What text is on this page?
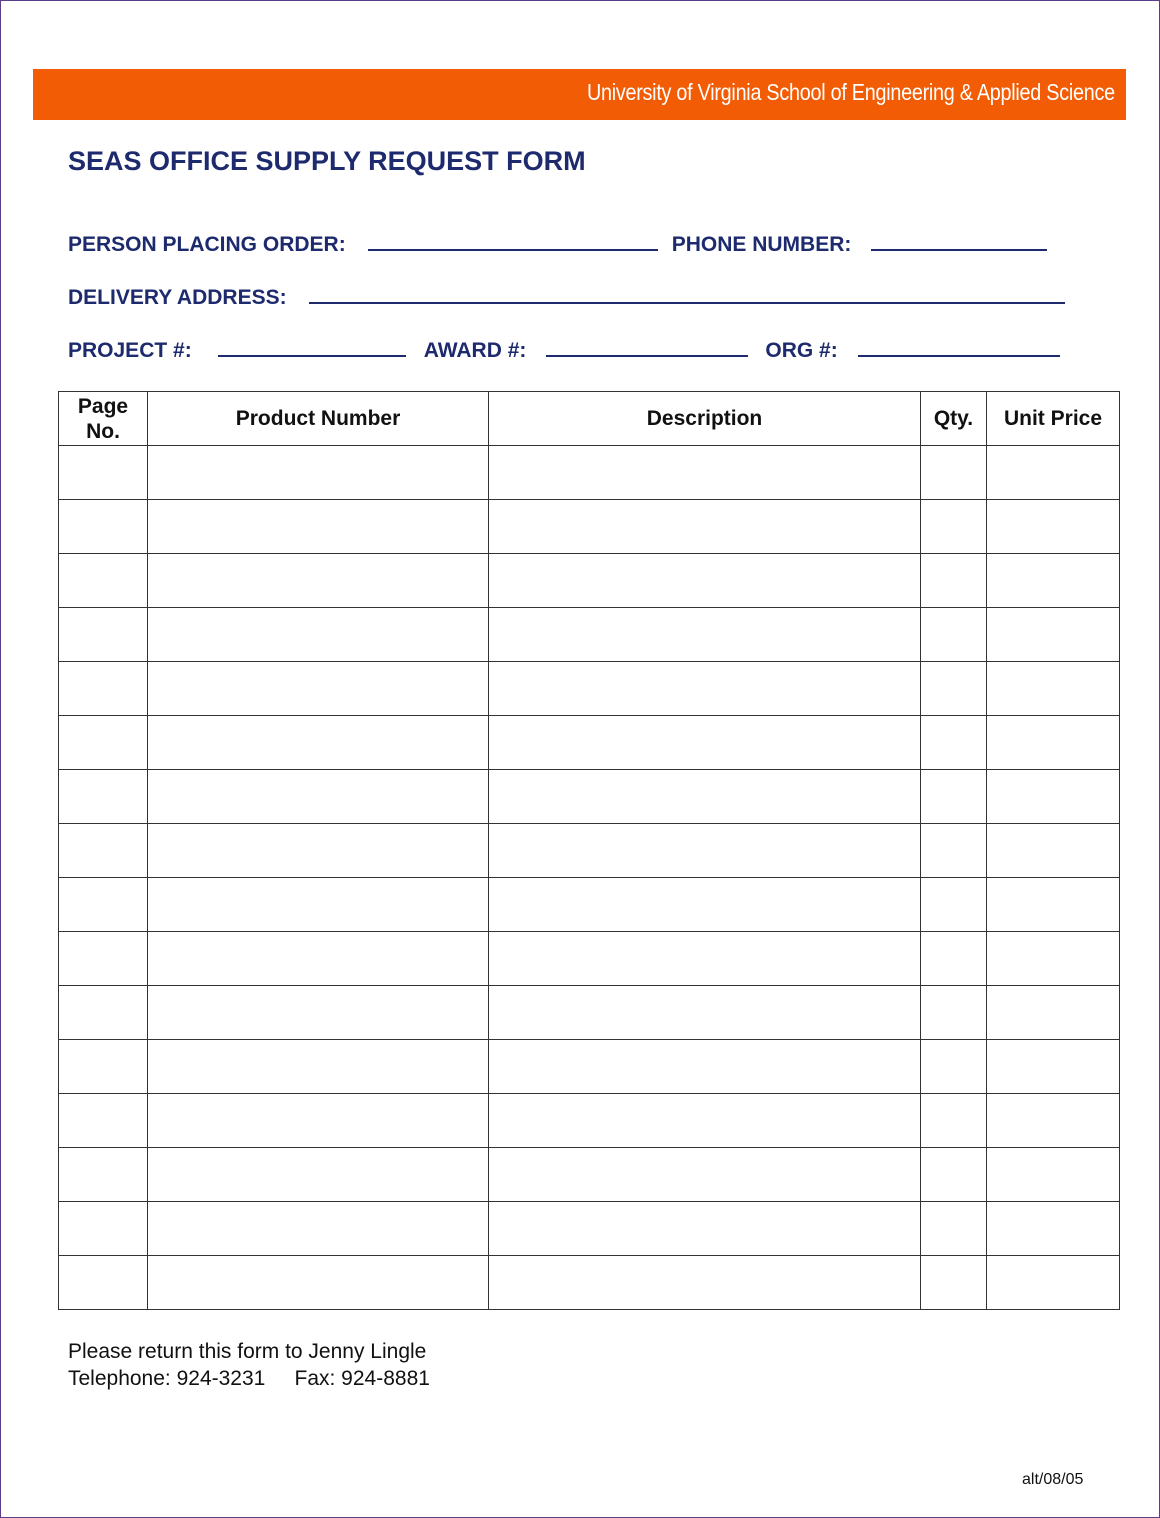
University of Virginia School of Engineering & Applied Science
SEAS OFFICE SUPPLY REQUEST FORM
PERSON PLACING ORDER:	PHONE NUMBER:
DELIVERY ADDRESS:
PROJECT #:	AWARD #:	ORG #:
Page No.	Product Number	Description	Qty.	Unit Price

Please return this form to Jenny Lingle
Telephone: 924-3231     Fax: 924-8881
alt/08/05
